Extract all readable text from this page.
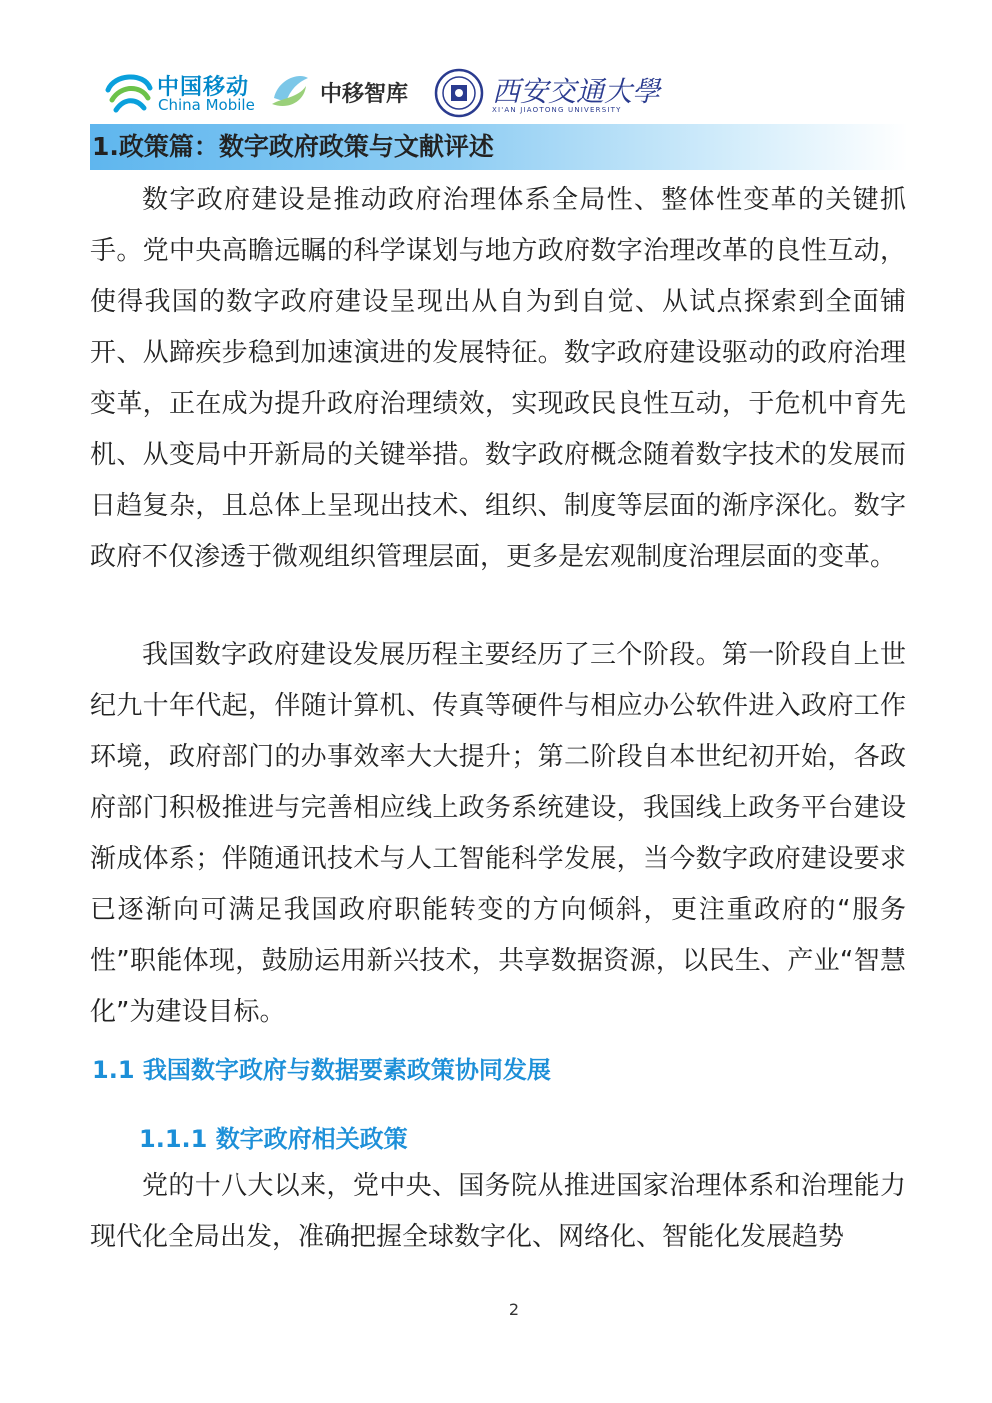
中国移动
China Mobile	中移智库	西安交通大學
XI'AN JIAOTONG UNIVERSITY
1.政策篇：数字政府政策与文献评述

数字政府建设是推动政府治理体系全局性、整体性变革的关键抓手。党中央高瞻远瞩的科学谋划与地方政府数字治理改革的良性互动，使得我国的数字政府建设呈现出从自为到自觉、从试点探索到全面铺开、从蹄疾步稳到加速演进的发展特征。数字政府建设驱动的政府治理变革，正在成为提升政府治理绩效，实现政民良性互动，于危机中育先机、从变局中开新局的关键举措。数字政府概念随着数字技术的发展而日趋复杂，且总体上呈现出技术、组织、制度等层面的渐序深化。数字政府不仅渗透于微观组织管理层面，更多是宏观制度治理层面的变革。

我国数字政府建设发展历程主要经历了三个阶段。第一阶段自上世纪九十年代起，伴随计算机、传真等硬件与相应办公软件进入政府工作环境，政府部门的办事效率大大提升；第二阶段自本世纪初开始，各政府部门积极推进与完善相应线上政务系统建设，我国线上政务平台建设渐成体系；伴随通讯技术与人工智能科学发展，当今数字政府建设要求已逐渐向可满足我国政府职能转变的方向倾斜，更注重政府的“服务性”职能体现，鼓励运用新兴技术，共享数据资源，以民生、产业“智慧化”为建设目标。

1.1 我国数字政府与数据要素政策协同发展
1.1.1 数字政府相关政策

党的十八大以来，党中央、国务院从推进国家治理体系和治理能力现代化全局出发，准确把握全球数字化、网络化、智能化发展趋势

2
